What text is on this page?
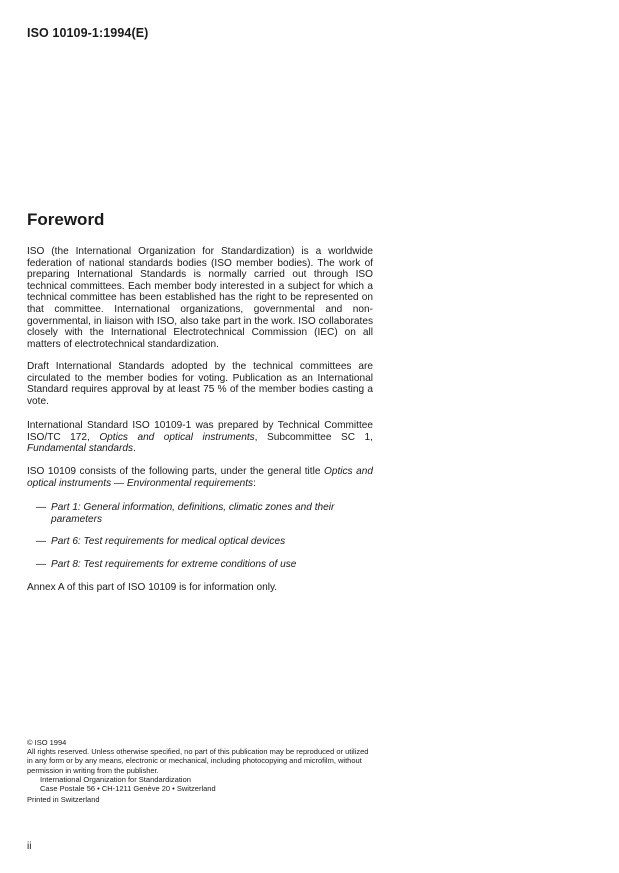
ISO 10109-1:1994(E)
Foreword

ISO (the International Organization for Standardization) is a worldwide federation of national standards bodies (ISO member bodies). The work of preparing International Standards is normally carried out through ISO technical committees. Each member body interested in a subject for which a technical committee has been established has the right to be represented on that committee. International organizations, governmental and non-governmental, in liaison with ISO, also take part in the work. ISO collaborates closely with the International Electrotechnical Commission (IEC) on all matters of electrotechnical standardization.

Draft International Standards adopted by the technical committees are circulated to the member bodies for voting. Publication as an International Standard requires approval by at least 75 % of the member bodies casting a vote.

International Standard ISO 10109-1 was prepared by Technical Committee ISO/TC 172, Optics and optical instruments, Subcommittee SC 1, Fundamental standards.

ISO 10109 consists of the following parts, under the general title Optics and optical instruments — Environmental requirements:

— Part 1: General information, definitions, climatic zones and their parameters
— Part 6: Test requirements for medical optical devices
— Part 8: Test requirements for extreme conditions of use

Annex A of this part of ISO 10109 is for information only.

© ISO 1994

All rights reserved. Unless otherwise specified, no part of this publication may be reproduced or utilized in any form or by any means, electronic or mechanical, including photocopying and microfilm, without permission in writing from the publisher.

International Organization for Standardization

Case Postale 56 • CH-1211 Genève 20 • Switzerland

Printed in Switzerland

ii
